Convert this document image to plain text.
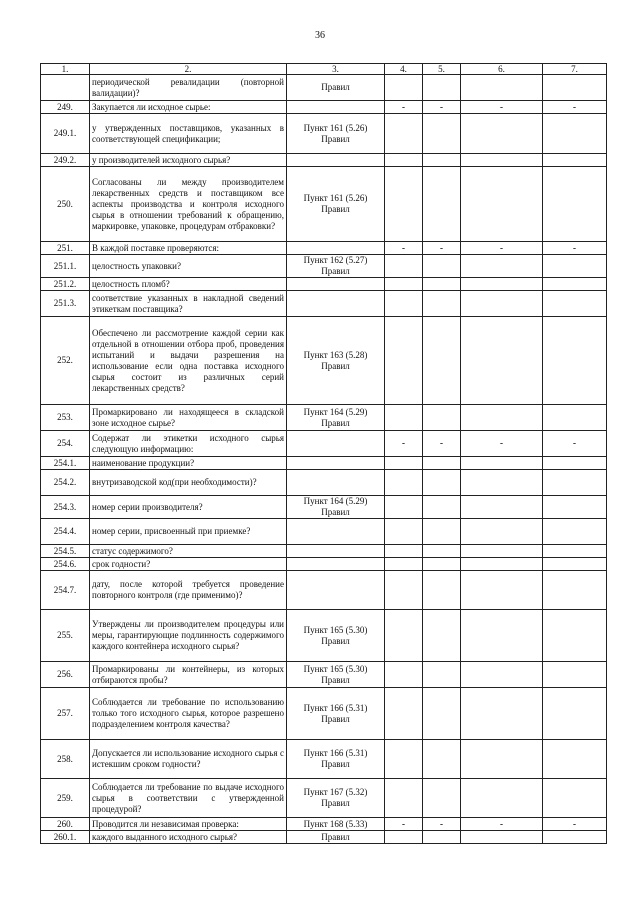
36
1.	2.	3.	4.	5.	6.	7.
	периодической ревалидации (повторной валидации)?	Правил				
249.	Закупается ли исходное сырье:		-	-	-	-
249.1.	у утвержденных поставщиков, указанных в соответствующей спецификации;	Пункт 161 (5.26) Правил				
249.2.	у производителей исходного сырья?					
250.	Согласованы ли между производителем лекарственных средств и поставщиком все аспекты производства и контроля исходного сырья в отношении требований к обращению, маркировке, упаковке, процедурам отбраковки?	Пункт 161 (5.26) Правил				
251.	В каждой поставке проверяются:		-	-	-	-
251.1.	целостность упаковки?	Пункт 162 (5.27) Правил				
251.2.	целостность пломб?					
251.3.	соответствие указанных в накладной сведений этикеткам поставщика?					
252.	Обеспечено ли рассмотрение каждой серии как отдельной в отношении отбора проб, проведения испытаний и выдачи разрешения на использование если одна поставка исходного сырья состоит из различных серий лекарственных средств?	Пункт 163 (5.28) Правил				
253.	Промаркировано ли находящееся в складской зоне исходное сырье?	Пункт 164 (5.29) Правил				
254.	Содержат ли этикетки исходного сырья следующую информацию:		-	-	-	-
254.1.	наименование продукции?					
254.2.	внутризаводской код(при необходимости)?					
254.3.	номер серии производителя?	Пункт 164 (5.29) Правил				
254.4.	номер серии, присвоенный при приемке?					
254.5.	статус содержимого?					
254.6.	срок годности?					
254.7.	дату, после которой требуется проведение повторного контроля (где применимо)?					
255.	Утверждены ли производителем процедуры или меры, гарантирующие подлинность содержимого каждого контейнера исходного сырья?	Пункт 165 (5.30) Правил				
256.	Промаркированы ли контейнеры, из которых отбираются пробы?	Пункт 165 (5.30) Правил				
257.	Соблюдается ли требование по использованию только того исходного сырья, которое разрешено подразделением контроля качества?	Пункт 166 (5.31) Правил				
258.	Допускается ли использование исходного сырья с истекшим сроком годности?	Пункт 166 (5.31) Правил				
259.	Соблюдается ли требование по выдаче исходного сырья в соответствии с утвержденной процедурой?	Пункт 167 (5.32) Правил				
260.	Проводится ли независимая проверка:	Пункт 168 (5.33)	-	-	-	-
260.1.	каждого выданного исходного сырья?	Правил				
